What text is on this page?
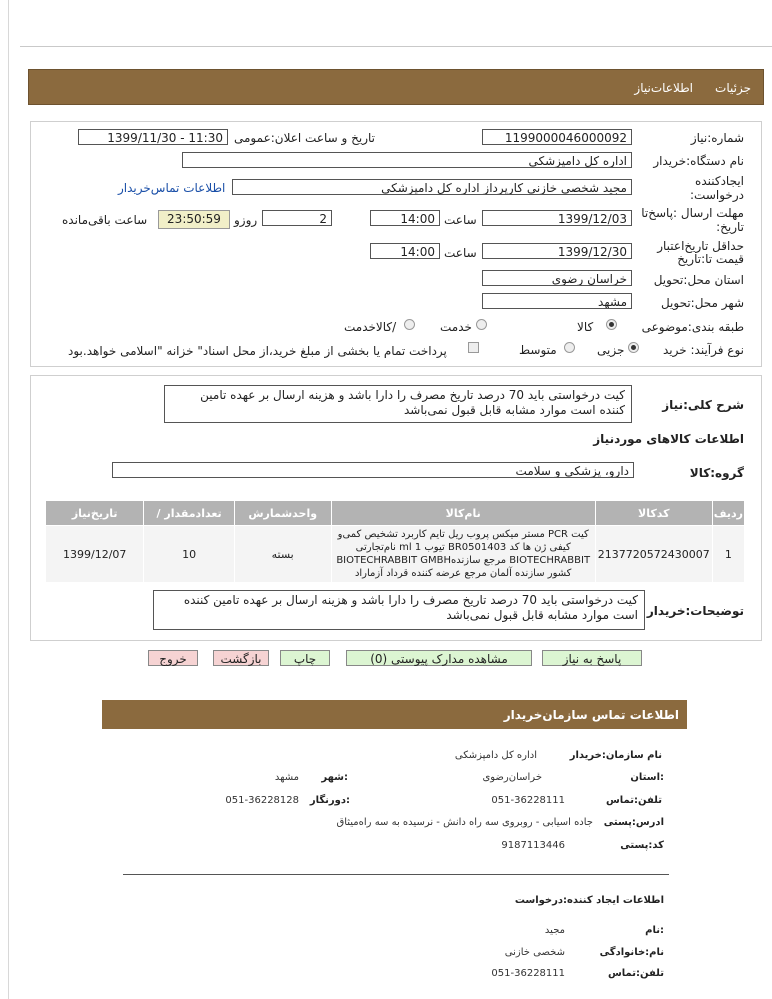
جزئیات
اطلاعات‌نیاز
شماره:نیاز
1199000046000092
تاریخ و ساعت اعلان:عمومی
1399/11/30 - 11:30
نام دستگاه:خریدار
اداره کل دامپزشکی
ایجادکننده
درخواست:
مجید شخصی خازنی کارپرداز اداره کل دامپزشکی
اطلاعات تماس‌خریدار
مهلت ارسال :پاسخ‌تا
تاریخ:
1399/12/03
ساعت
14:00
2
روزو
23:50:59
ساعت باقی‌مانده
حداقل تاریخ‌اعتبار
قیمت تا:تاریخ
1399/12/30
ساعت
14:00
استان محل:تحویل
خراسان رضوی
شهر محل:تحویل
مشهد
طبقه بندی:موضوعی
کالا
خدمت
/کالاخدمت
نوع فرآیند: خرید
جزیی
متوسط
پرداخت تمام یا بخشی از مبلغ خرید،از محل اسناد" خزانه "اسلامی خواهد.بود
شرح کلی:نیاز
کیت درخواستی باید 70 درصد تاریخ مصرف را دارا باشد و هزینه ارسال بر عهده تامین کننده است موارد مشابه قابل قبول نمی‌باشد
اطلاعات کالاهای موردنیاز
گروه:کالا
دارو، پزشکی و سلامت
تاریخ‌نیاز	/ تعدادمقدار	واحدشمارش	نام‌کالا	کدکالا	ردیف
1399/12/07	10	بسته	کیت PCR مستر میکس پروب ریل تایم کاربرد تشخیص کمی‌و کیفی ژن ها کد BR0501403 تیوب 1 ml نام‌تجارتی BIOTECHRABBIT مرجع سازنده‌BIOTECHRABBIT GMBH کشور سازنده آلمان مرجع عرضه کننده قرداد آزماراد	2137720572430007	1
توضیحات:خریدار
کیت درخواستی باید 70 درصد تاریخ مصرف را دارا باشد و هزینه ارسال بر عهده تامین کننده است موارد مشابه قابل قبول نمی‌باشد
پاسخ به نیاز
مشاهده مدارک پیوستی (0)
چاپ
بازگشت
خروج
اطلاعات تماس سازمان‌خریدار
نام سازمان:خریدار
اداره کل دامپزشکی
:استان
خراسان‌رضوی
:شهر
مشهد
تلفن:تماس
051-36228111
:دورنگار
051-36228128
ادرس:پستی
جاده اسیابی - روبروی سه راه دانش - نرسیده به سه راه‌میثاق
کد:پستی
9187113446
اطلاعات ایجاد کننده:درخواست
:نام
مجید
نام:خانوادگی
شخصی خازنی
تلفن:تماس
051-36228111
